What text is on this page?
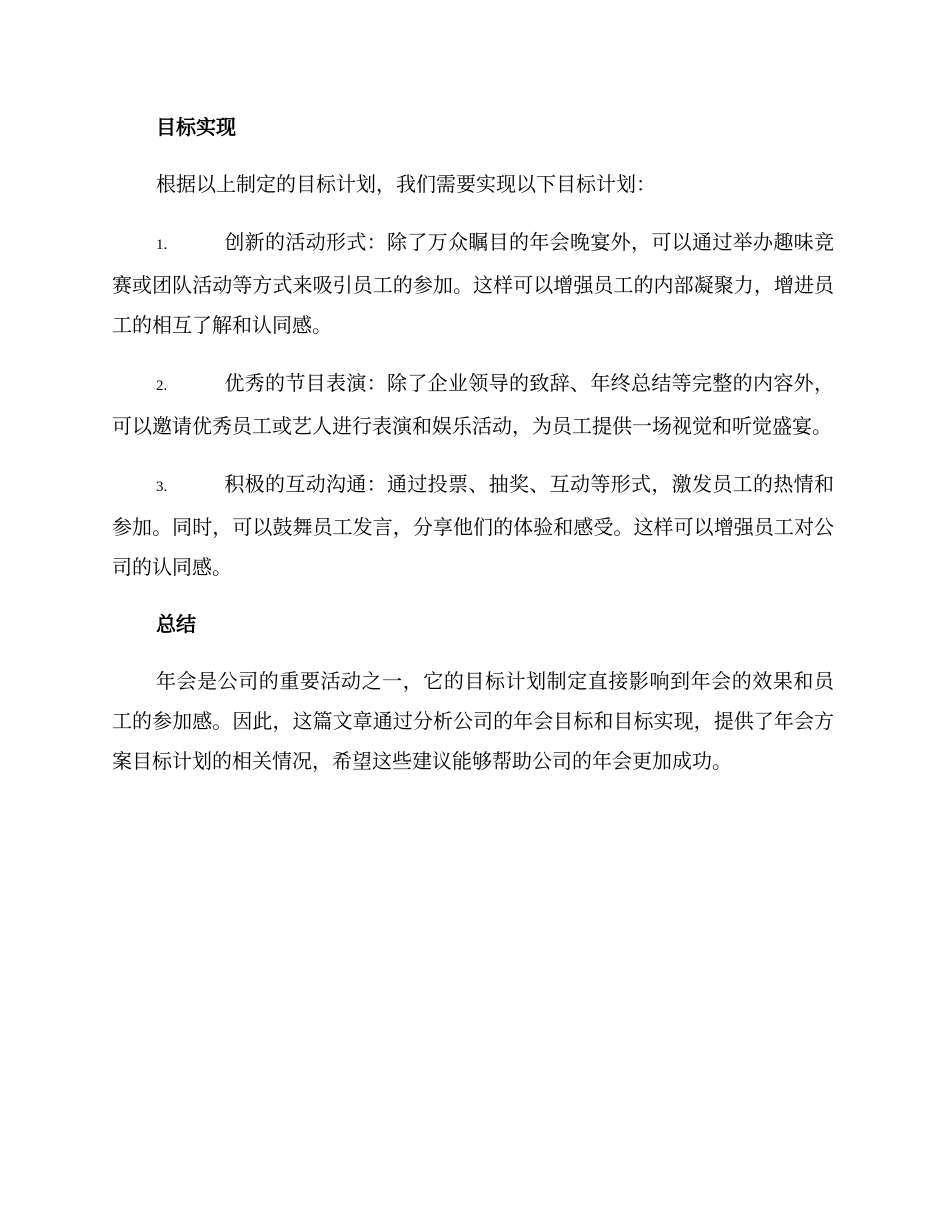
目标实现

根据以上制定的目标计划，我们需要实现以下目标计划：

1.	创新的活动形式：除了万众瞩目的年会晚宴外，可以通过举办趣味竞赛或团队活动等方式来吸引员工的参加。这样可以增强员工的内部凝聚力，增进员工的相互了解和认同感。

2.	优秀的节目表演：除了企业领导的致辞、年终总结等完整的内容外，可以邀请优秀员工或艺人进行表演和娱乐活动，为员工提供一场视觉和听觉盛宴。

3.	积极的互动沟通：通过投票、抽奖、互动等形式，激发员工的热情和参加。同时，可以鼓舞员工发言，分享他们的体验和感受。这样可以增强员工对公司的认同感。

总结

年会是公司的重要活动之一，它的目标计划制定直接影响到年会的效果和员工的参加感。因此，这篇文章通过分析公司的年会目标和目标实现，提供了年会方案目标计划的相关情况，希望这些建议能够帮助公司的年会更加成功。
